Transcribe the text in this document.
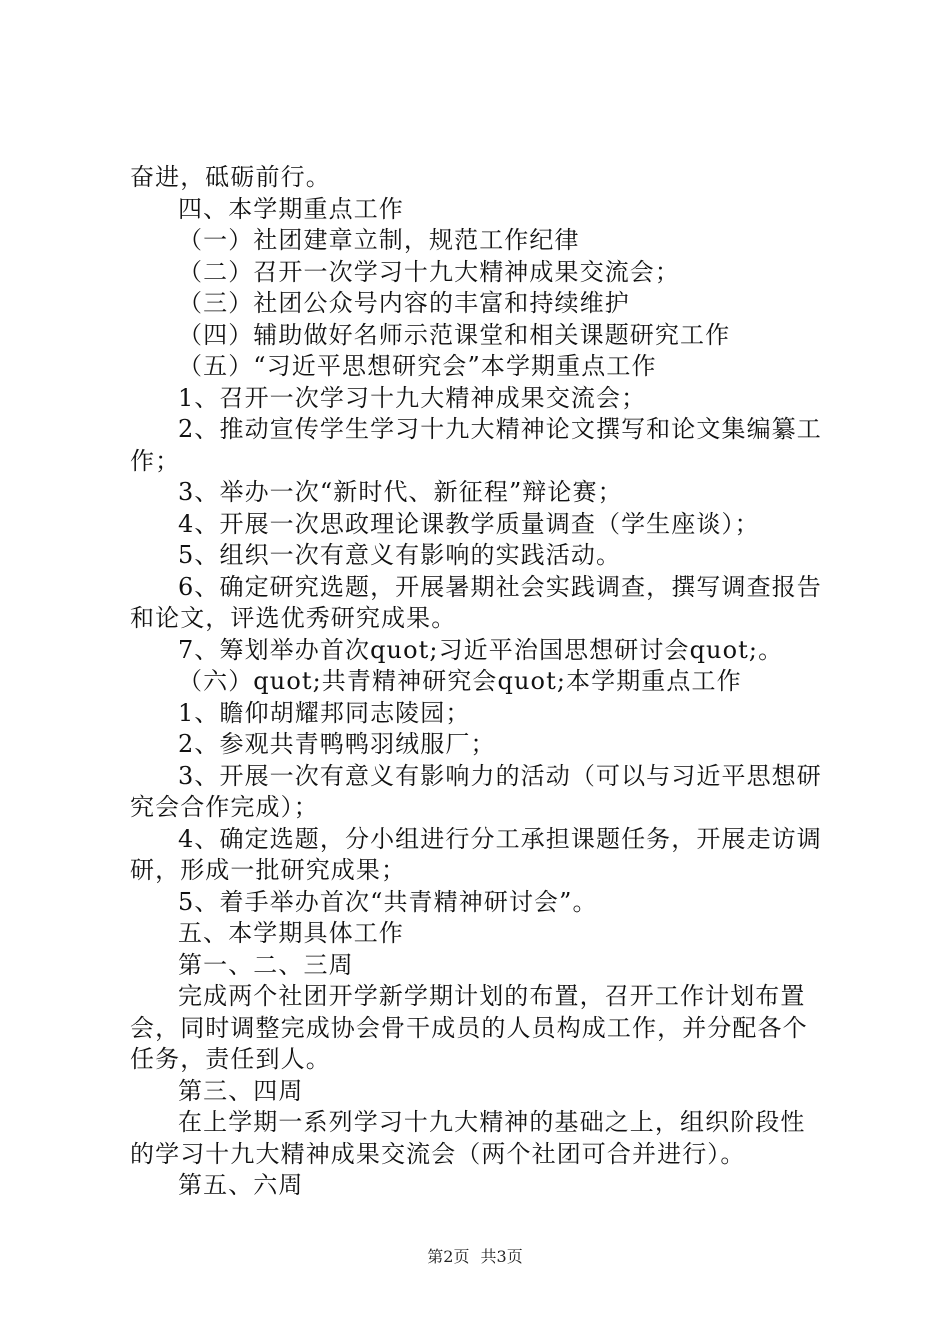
奋进，砥砺前行。
四、本学期重点工作
（一）社团建章立制，规范工作纪律
（二）召开一次学习十九大精神成果交流会；
（三）社团公众号内容的丰富和持续维护
（四）辅助做好名师示范课堂和相关课题研究工作
（五）“习近平思想研究会”本学期重点工作
1、召开一次学习十九大精神成果交流会；
2、推动宣传学生学习十九大精神论文撰写和论文集编纂工
作；
3、举办一次“新时代、新征程”辩论赛；
4、开展一次思政理论课教学质量调查（学生座谈）；
5、组织一次有意义有影响的实践活动。
6、确定研究选题，开展暑期社会实践调查，撰写调查报告
和论文，评选优秀研究成果。
7、筹划举办首次quot;习近平治国思想研讨会quot;。
（六）quot;共青精神研究会quot;本学期重点工作
1、瞻仰胡耀邦同志陵园；
2、参观共青鸭鸭羽绒服厂；
3、开展一次有意义有影响力的活动（可以与习近平思想研
究会合作完成）；
4、确定选题，分小组进行分工承担课题任务，开展走访调
研，形成一批研究成果；
5、着手举办首次“共青精神研讨会”。
五、本学期具体工作
第一、二、三周
完成两个社团开学新学期计划的布置，召开工作计划布置
会，同时调整完成协会骨干成员的人员构成工作，并分配各个
任务，责任到人。
第三、四周
在上学期一系列学习十九大精神的基础之上，组织阶段性
的学习十九大精神成果交流会（两个社团可合并进行）。
第五、六周
第2页 共3页
